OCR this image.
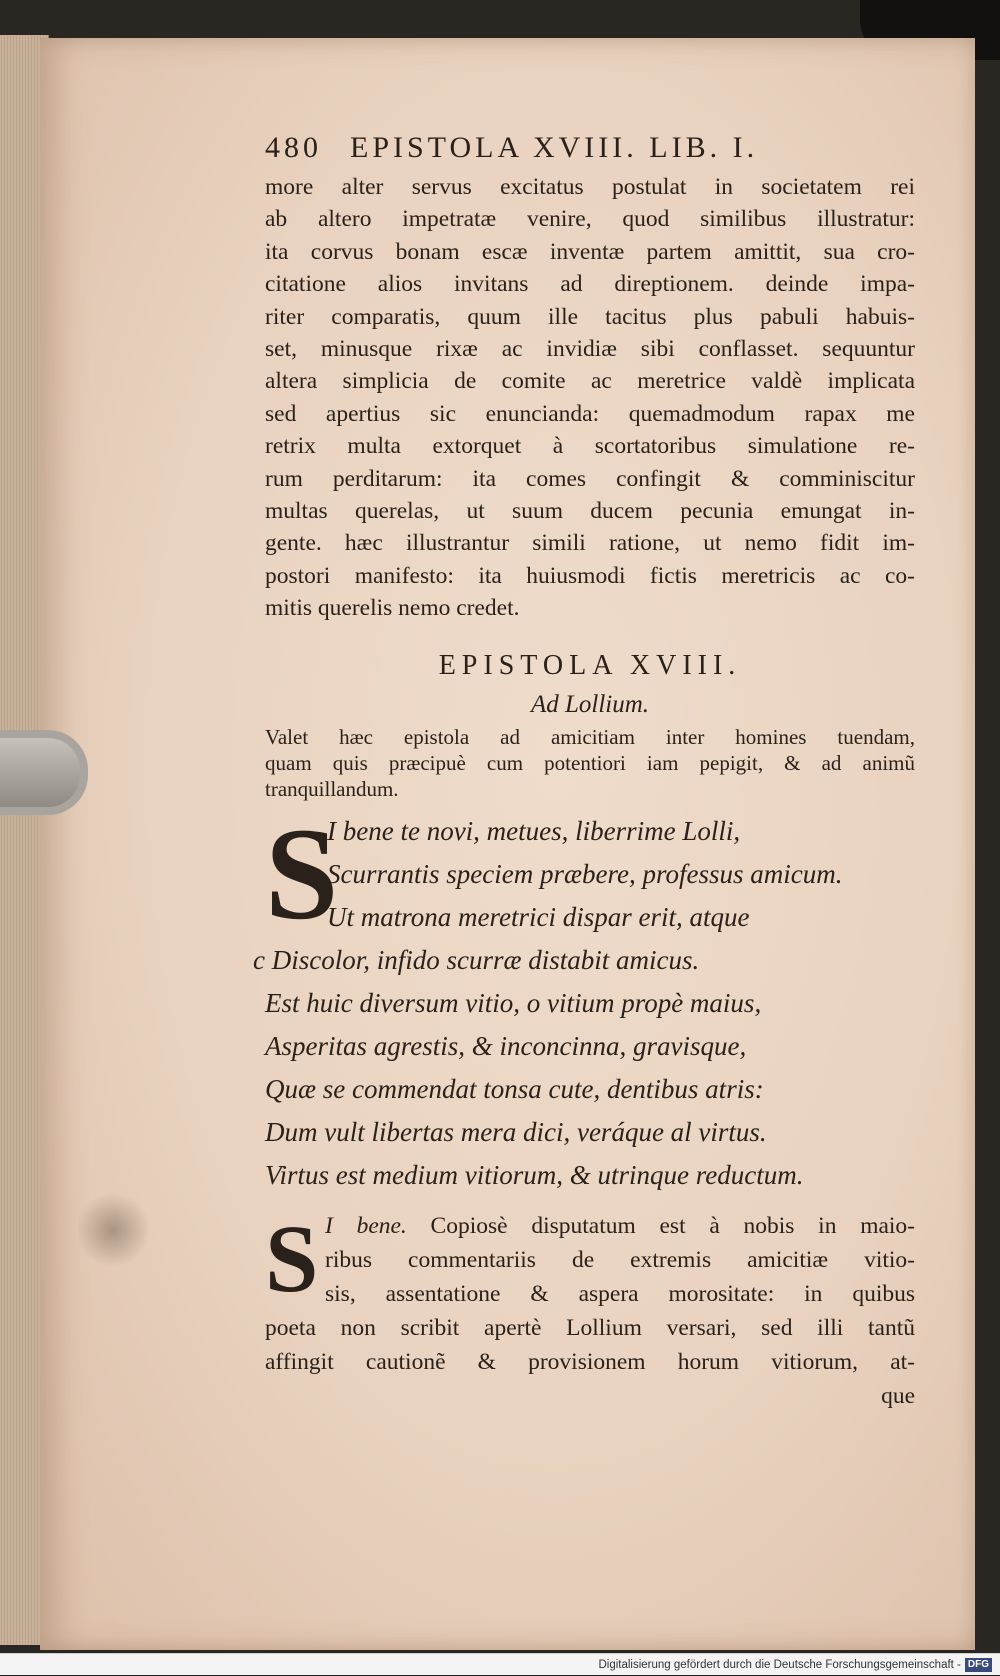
480 EPISTOLA XVIII. LIB. I.
more alter servus excitatus postulat in societatem rei
ab altero impetratæ venire, quod similibus illustratur:
ita corvus bonam escæ inventæ partem amittit, sua cro-
citatione alios invitans ad direptionem. deinde impa-
riter comparatis, quum ille tacitus plus pabuli habuis-
set, minusque rixæ ac invidiæ sibi conflasset. sequuntur
altera simplicia de comite ac meretrice valdè implicata
sed apertius sic enuncianda: quemadmodum rapax me
retrix multa extorquet à scortatoribus simulatione re-
rum perditarum: ita comes confingit & comminiscitur
multas querelas, ut suum ducem pecunia emungat in-
gente. hæc illustrantur simili ratione, ut nemo fidit im-
postori manifesto: ita huiusmodi fictis meretricis ac co-
mitis querelis nemo credet.
EPISTOLA XVIII.
Ad Lollium.
Valet hæc epistola ad amicitiam inter homines tuendam,
quam quis præcipuè cum potentiori iam pepigit, & ad animũ
tranquillandum.
S
I bene te novi, metues, liberrime Lolli,
Scurrantis speciem præbere, professus amicum.
Ut matrona meretrici dispar erit, atque
c Discolor, infido scurræ distabit amicus.
Est huic diversum vitio, o vitium propè maius,
Asperitas agrestis, & inconcinna, gravisque,
Quæ se commendat tonsa cute, dentibus atris:
Dum vult libertas mera dici, veráque al virtus.
Virtus est medium vitiorum, & utrinque reductum.
S I bene. Copiosè disputatum est à nobis in maio-
ribus commentariis de extremis amicitiæ vitio-
sis, assentatione & aspera morositate: in quibus
poeta non scribit apertè Lollium versari, sed illi tantũ
affingit cautionẽ & provisionem horum vitiorum, at-
que
Digitalisierung gefördert durch die Deutsche Forschungsgemeinschaft - DFG
